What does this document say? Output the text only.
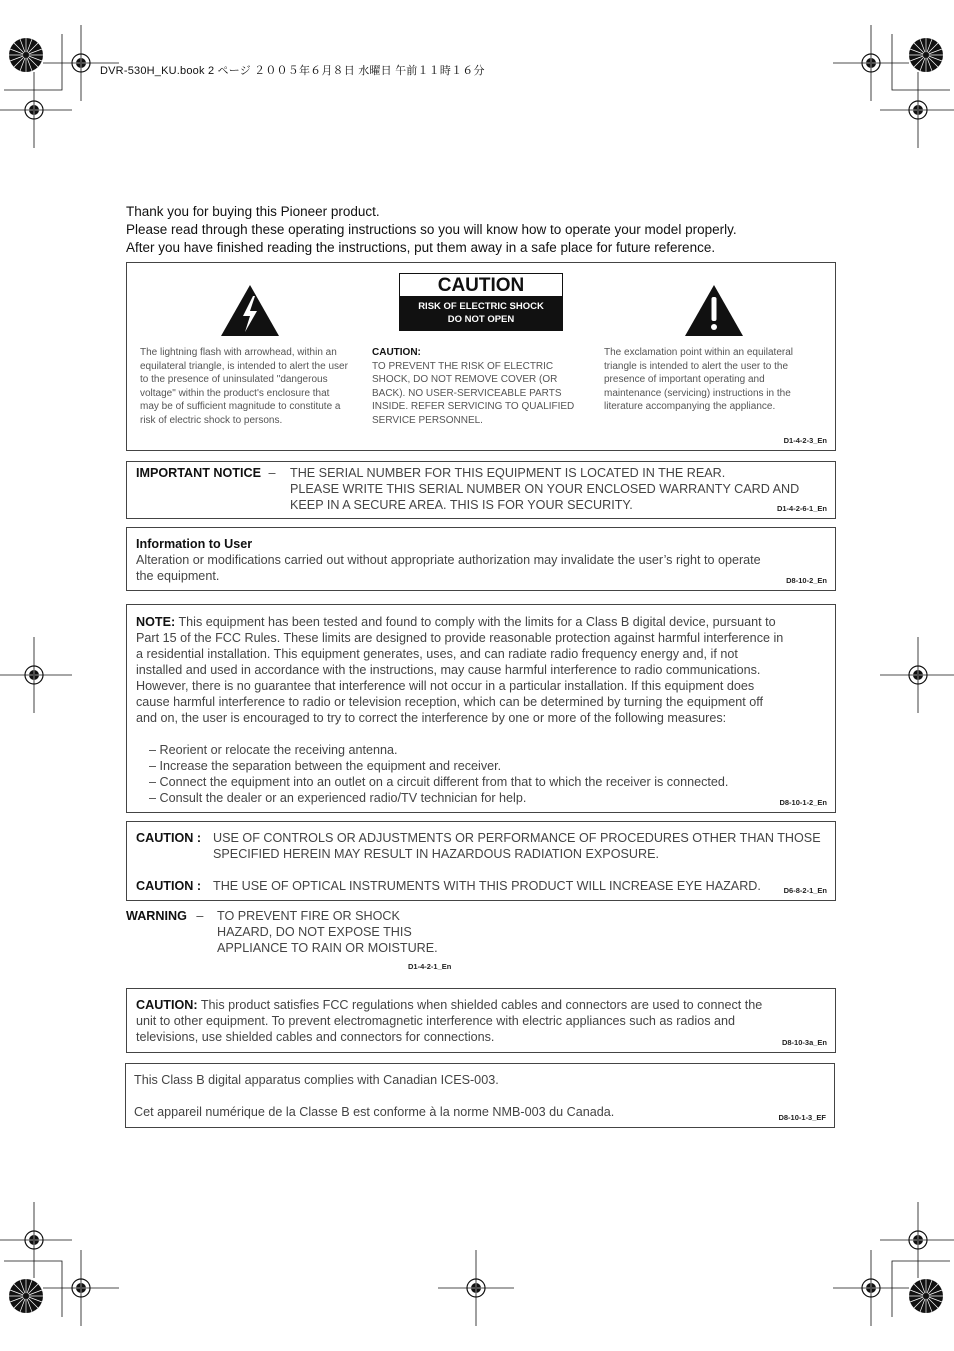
DVR-530H_KU.book 2 ページ ２００５年６月８日 水曜日 午前１１時１６分
Thank you for buying this Pioneer product.
Please read through these operating instructions so you will know how to operate your model properly.
After you have finished reading the instructions, put them away in a safe place for future reference.
CAUTION
RISK OF ELECTRIC SHOCK
DO NOT OPEN
The lightning flash with arrowhead, within an equilateral triangle, is intended to alert the user to the presence of uninsulated "dangerous voltage" within the product's enclosure that may be of sufficient magnitude to constitute a risk of electric shock to persons.
CAUTION:
TO PREVENT THE RISK OF ELECTRIC SHOCK, DO NOT REMOVE COVER (OR BACK). NO USER-SERVICEABLE PARTS INSIDE. REFER SERVICING TO QUALIFIED SERVICE PERSONNEL.
The exclamation point within an equilateral triangle is intended to alert the user to the presence of important operating and maintenance (servicing) instructions in the literature accompanying the appliance.
D1-4-2-3_En
IMPORTANT NOTICE – THE SERIAL NUMBER FOR THIS EQUIPMENT IS LOCATED IN THE REAR.
PLEASE WRITE THIS SERIAL NUMBER ON YOUR ENCLOSED WARRANTY CARD AND
KEEP IN A SECURE AREA. THIS IS FOR YOUR SECURITY.	D1-4-2-6-1_En
Information to User
Alteration or modifications carried out without appropriate authorization may invalidate the user’s right to operate
the equipment.	D8-10-2_En
NOTE: This equipment has been tested and found to comply with the limits for a Class B digital device, pursuant to
Part 15 of the FCC Rules. These limits are designed to provide reasonable protection against harmful interference in
a residential installation. This equipment generates, uses, and can radiate radio frequency energy and, if not
installed and used in accordance with the instructions, may cause harmful interference to radio communications.
However, there is no guarantee that interference will not occur in a particular installation. If this equipment does
cause harmful interference to radio or television reception, which can be determined by turning the equipment off
and on, the user is encouraged to try to correct the interference by one or more of the following measures:
– Reorient or relocate the receiving antenna.
– Increase the separation between the equipment and receiver.
– Connect the equipment into an outlet on a circuit different from that to which the receiver is connected.
– Consult the dealer or an experienced radio/TV technician for help.	D8-10-1-2_En
CAUTION : USE OF CONTROLS OR ADJUSTMENTS OR PERFORMANCE OF PROCEDURES OTHER THAN THOSE
SPECIFIED HEREIN MAY RESULT IN HAZARDOUS RADIATION EXPOSURE.
CAUTION : THE USE OF OPTICAL INSTRUMENTS WITH THIS PRODUCT WILL INCREASE EYE HAZARD.	D6-8-2-1_En
WARNING – TO PREVENT FIRE OR SHOCK
HAZARD, DO NOT EXPOSE THIS
APPLIANCE TO RAIN OR MOISTURE.
D1-4-2-1_En
CAUTION: This product satisfies FCC regulations when shielded cables and connectors are used to connect the
unit to other equipment. To prevent electromagnetic interference with electric appliances such as radios and
televisions, use shielded cables and connectors for connections.	D8-10-3a_En
This Class B digital apparatus complies with Canadian ICES-003.
Cet appareil numérique de la Classe B est conforme à la norme NMB-003 du Canada.	D8-10-1-3_EF
